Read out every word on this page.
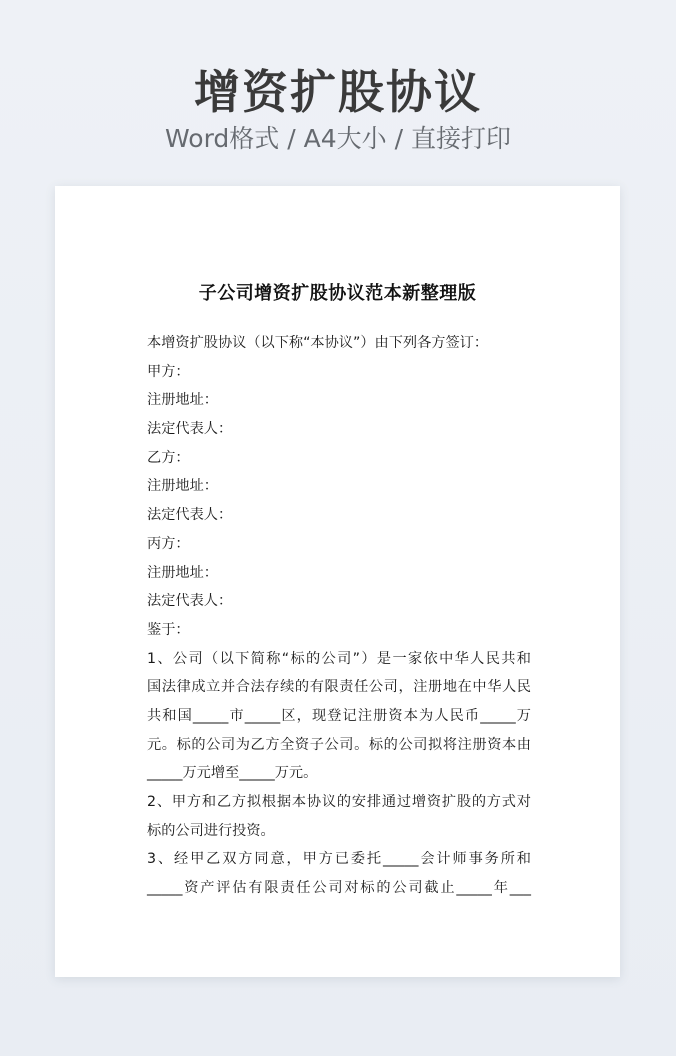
增资扩股协议
Word格式 / A4大小 / 直接打印
子公司增资扩股协议范本新整理版
本增资扩股协议（以下称“本协议”）由下列各方签订：
甲方：
注册地址：
法定代表人：
乙方：
注册地址：
法定代表人：
丙方：
注册地址：
法定代表人：
鉴于：
1、公司（以下简称“标的公司”）是一家依中华人民共和
国法律成立并合法存续的有限责任公司，注册地在中华人民
共和国_____市_____区，现登记注册资本为人民币_____万
元。标的公司为乙方全资子公司。标的公司拟将注册资本由
_____万元增至_____万元。
2、甲方和乙方拟根据本协议的安排通过增资扩股的方式对
标的公司进行投资。
3、经甲乙双方同意，甲方已委托_____会计师事务所和
_____资产评估有限责任公司对标的公司截止_____年___
